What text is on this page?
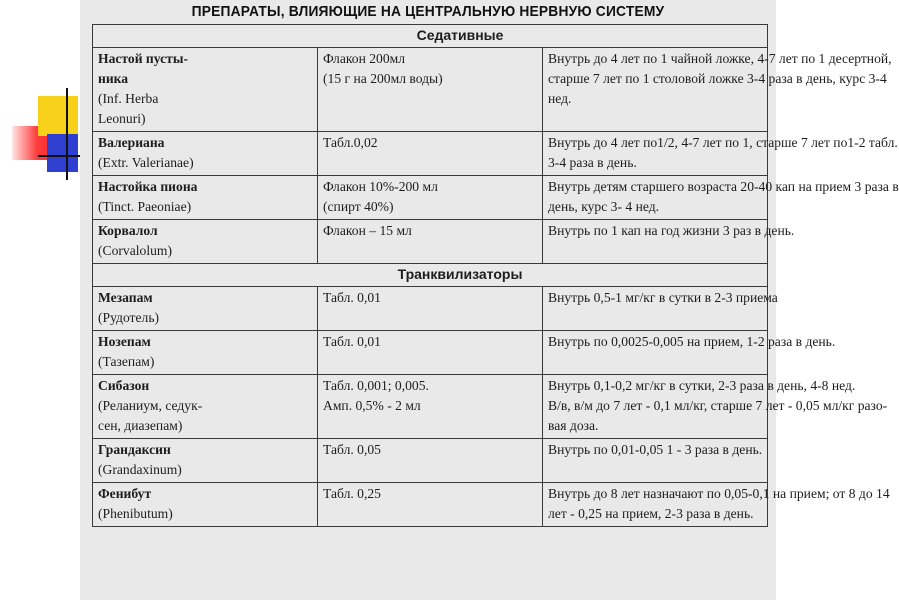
ПРЕПАРАТЫ, ВЛИЯЮЩИЕ НА ЦЕНТРАЛЬНУЮ НЕРВНУЮ СИСТЕМУ
Седативные		

Настой пусты-
ника
(Inf. Herba
Leonuri)	Флакон 200мл
(15 г на 200мл воды)	Внутрь до 4 лет по 1 чайной ложке, 4-7 лет по 1 десертной,
старше 7 лет по 1 столовой ложке 3-4 раза в день, курс 3-4
нед.

Валериана
(Extr. Valerianae)	Табл.0,02	Внутрь до 4 лет по1/2, 4-7 лет по 1, старше 7 лет по1-2 табл.
3-4 раза в день.

Настойка пиона
(Tinct. Paeoniae)	Флакон 10%-200 мл
(спирт 40%)	Внутрь детям старшего возраста 20-40 кап на прием 3 раза в
день, курс 3- 4 нед.

Корвалол
(Corvalolum)	Флакон – 15 мл	Внутрь по 1 кап на год жизни 3 раз в день.

Транквилизаторы		

Мезапам
(Рудотель)	Табл. 0,01	Внутрь 0,5-1 мг/кг в сутки в 2-3 приема

Нозепам
(Тазепам)	Табл. 0,01	Внутрь по 0,0025-0,005 на прием, 1-2 раза в день.

Сибазон
(Реланиум, седук-
сен, диазепам)	Табл. 0,001; 0,005.
Амп. 0,5% - 2 мл	Внутрь 0,1-0,2 мг/кг в сутки, 2-3 раза в день, 4-8 нед.
В/в, в/м до 7 лет - 0,1 мл/кг, старше 7 лет - 0,05 мл/кг разо-
вая доза.

Грандаксин
(Grandaxinum)	Табл. 0,05	Внутрь по 0,01-0,05 1 - 3 раза в день.

Фенибут
(Phenibutum)	Табл. 0,25	Внутрь до 8 лет назначают по 0,05-0,1 на прием; от 8 до 14
лет - 0,25 на прием, 2-3 раза в день.
